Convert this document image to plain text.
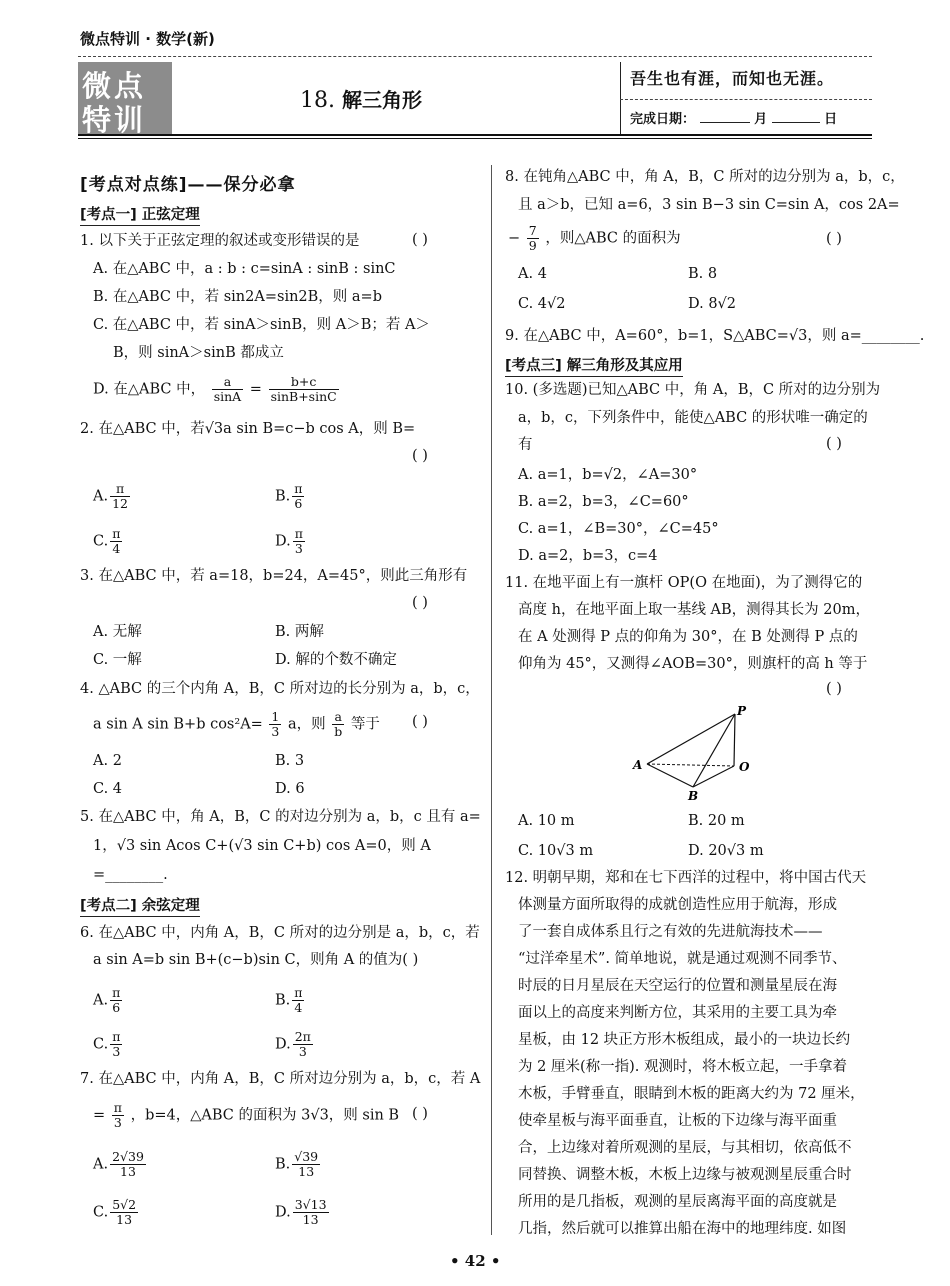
微点特训 · 数学(新)
微点
特训
18. 解三角形
吾生也有涯，而知也无涯。
完成日期：	月	日
[考点对点练]——保分必拿
[考点一] 正弦定理
1. 以下关于正弦定理的叙述或变形错误的是	( )
A. 在△ABC 中，a : b : c=sinA : sinB : sinC
B. 在△ABC 中，若 sin2A=sin2B，则 a=b
C. 在△ABC 中，若 sinA＞sinB，则 A＞B；若 A＞
B，则 sinA＞sinB 都成立
D. 在△ABC 中， $\frac{a}{\sin A} = \frac{b+c}{\sin B+\sin C}$
2. 在△ABC 中，若√3a sin B=c−b cos A，则 B=
( )
A. $\frac{\pi}{12}$	B. $\frac{\pi}{6}$
C. $\frac{\pi}{4}$	D. $\frac{\pi}{3}$
3. 在△ABC 中，若 a=18，b=24，A=45°，则此三角形有
( )
A. 无解	B. 两解
C. 一解	D. 解的个数不确定
4. △ABC 的三个内角 A，B，C 所对边的长分别为 a，b，c，
a sin A sin B+b $\cos^2A= \frac{1}{3}$ a，则 $\frac{a}{b}$ 等于 ( )
A. 2	B. 3
C. 4	D. 6
5. 在△ABC 中，角 A，B，C 的对边分别为 a，b，c 且有 a=
1，√3 sin Acos C+(√3 sin C+b) cos A=0，则 A
=________.
[考点二] 余弦定理
6. 在△ABC 中，内角 A，B，C 所对的边分别是 a，b，c，若
a sin A=b sin B+(c−b)sin C，则角 A 的值为( )
A. $\frac{\pi}{6}$	B. $\frac{\pi}{4}$
C. $\frac{\pi}{3}$	D. $\frac{2\pi}{3}$
7. 在△ABC 中，内角 A，B，C 所对边分别为 a，b，c，若 A
= $\frac{\pi}{3}$ ，b=4，△ABC 的面积为 3√3，则 sin B ( )
A. $\frac{2√39}{13}$	B. $\frac{√39}{13}$
C. $\frac{5√2}{13}$	D. $\frac{3√13}{13}$
8. 在钝角△ABC 中，角 A，B，C 所对的边分别为 a，b，c，
且 a＞b，已知 a=6，3 sin B−3 sin C=sin A，cos 2A=
− $\frac{7}{9}$ ，则△ABC 的面积为	( )
A. 4	B. 8
C. 4√2	D. 8√2
9. 在△ABC 中，A=60°，b=1，S△ABC=√3，则 a=________.
[考点三] 解三角形及其应用
10. (多选题)已知△ABC 中，角 A，B，C 所对的边分别为
a，b，c，下列条件中，能使△ABC 的形状唯一确定的
有	( )
A. a=1，b=√2，∠A=30°
B. a=2，b=3，∠C=60°
C. a=1，∠B=30°，∠C=45°
D. a=2，b=3，c=4
11. 在地平面上有一旗杆 OP(O 在地面)，为了测得它的
高度 h，在地平面上取一基线 AB，测得其长为 20m，
在 A 处测得 P 点的仰角为 30°，在 B 处测得 P 点的
仰角为 45°，又测得∠AOB=30°，则旗杆的高 h 等于
( )
P
A	O
B
A. 10 m	B. 20 m
C. 10√3 m	D. 20√3 m
12. 明朝早期，郑和在七下西洋的过程中，将中国古代天
体测量方面所取得的成就创造性应用于航海，形成
了一套自成体系且行之有效的先进航海技术——
“过洋牵星术”. 简单地说，就是通过观测不同季节、
时辰的日月星辰在天空运行的位置和测量星辰在海
面以上的高度来判断方位，其采用的主要工具为牵
星板，由 12 块正方形木板组成，最小的一块边长约
为 2 厘米(称一指). 观测时，将木板立起，一手拿着
木板，手臂垂直，眼睛到木板的距离大约为 72 厘米，
使牵星板与海平面垂直，让板的下边缘与海平面重
合，上边缘对着所观测的星辰，与其相切，依高低不
同替换、调整木板，木板上边缘与被观测星辰重合时
所用的是几指板，观测的星辰离海平面的高度就是
几指，然后就可以推算出船在海中的地理纬度. 如图
• 42 •
